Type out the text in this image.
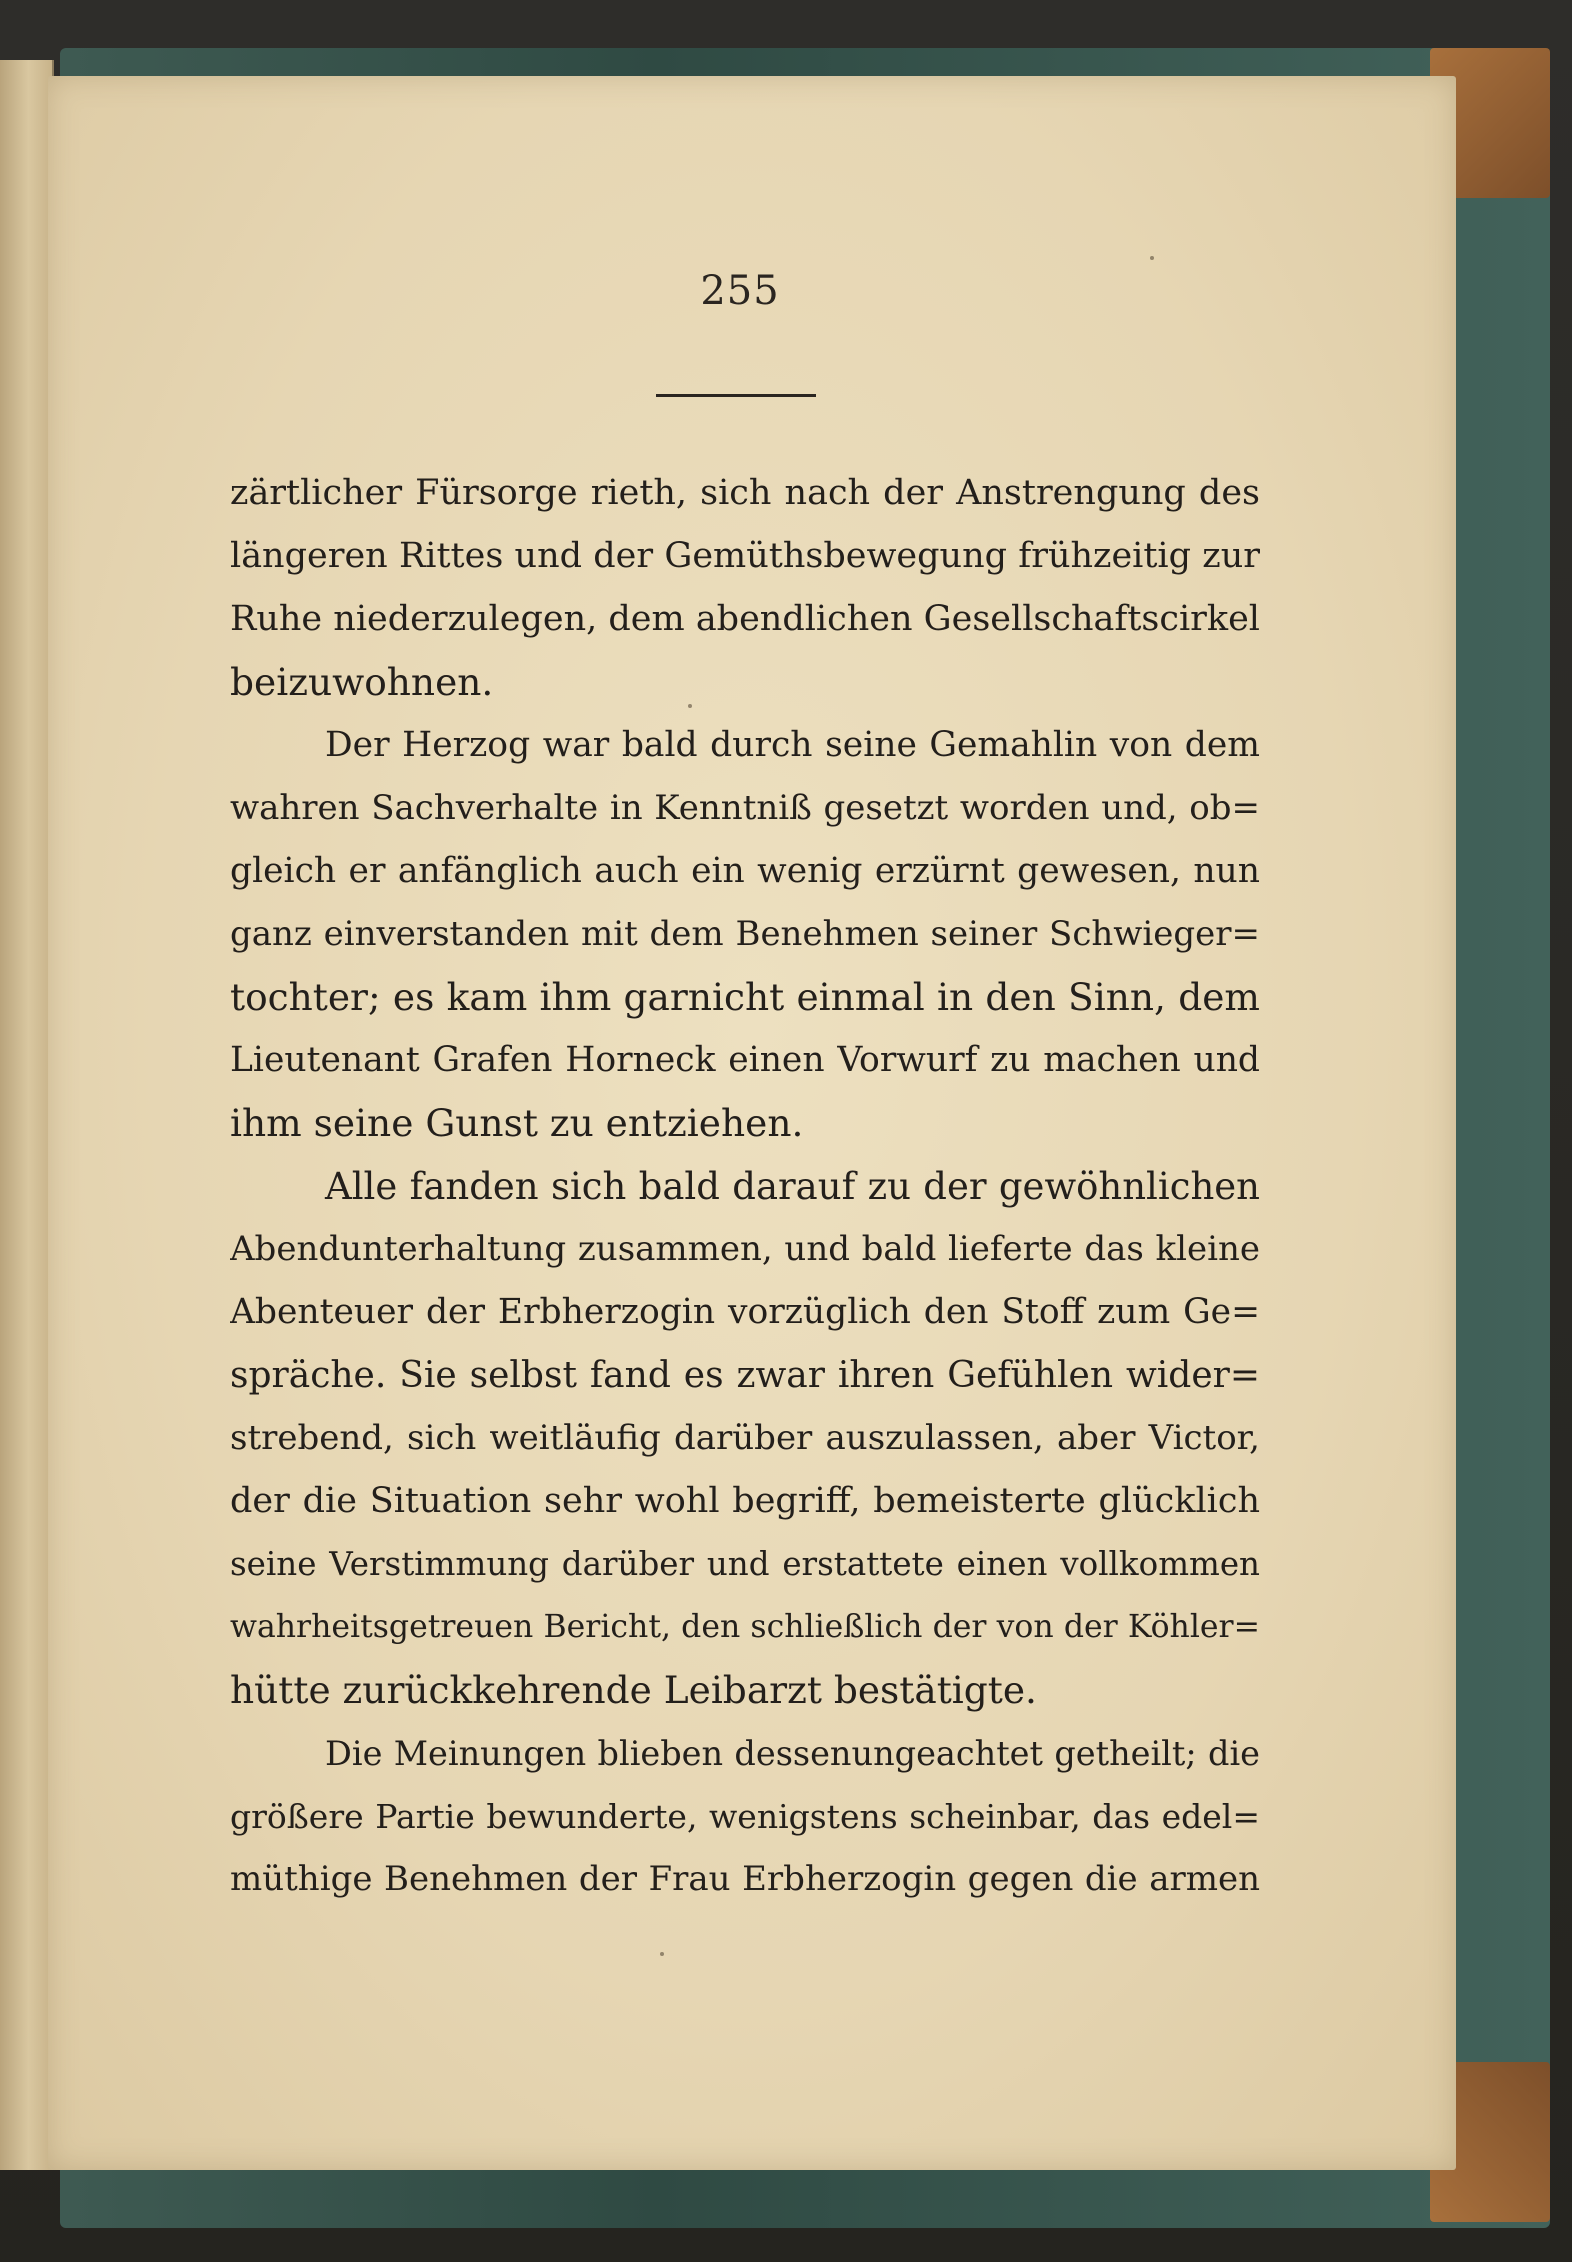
255
zärtlicher Fürsorge rieth, sich nach der Anstrengung des
längeren Rittes und der Gemüthsbewegung frühzeitig zur
Ruhe niederzulegen, dem abendlichen Gesellschaftscirkel
beizuwohnen.
Der Herzog war bald durch seine Gemahlin von dem
wahren Sachverhalte in Kenntniß gesetzt worden und, ob=
gleich er anfänglich auch ein wenig erzürnt gewesen, nun
ganz einverstanden mit dem Benehmen seiner Schwieger=
tochter; es kam ihm garnicht einmal in den Sinn, dem
Lieutenant Grafen Horneck einen Vorwurf zu machen und
ihm seine Gunst zu entziehen.
Alle fanden sich bald darauf zu der gewöhnlichen
Abendunterhaltung zusammen, und bald lieferte das kleine
Abenteuer der Erbherzogin vorzüglich den Stoff zum Ge=
spräche. Sie selbst fand es zwar ihren Gefühlen wider=
strebend, sich weitläufig darüber auszulassen, aber Victor,
der die Situation sehr wohl begriff, bemeisterte glücklich
seine Verstimmung darüber und erstattete einen vollkommen
wahrheitsgetreuen Bericht, den schließlich der von der Köhler=
hütte zurückkehrende Leibarzt bestätigte.
Die Meinungen blieben dessenungeachtet getheilt; die
größere Partie bewunderte, wenigstens scheinbar, das edel=
müthige Benehmen der Frau Erbherzogin gegen die armen
